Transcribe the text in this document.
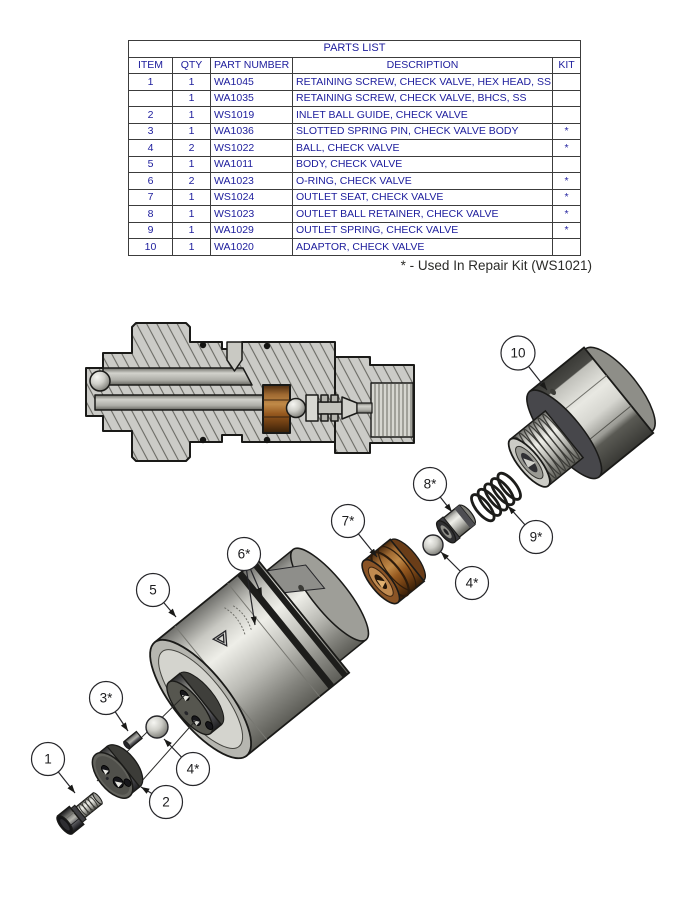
PARTS LIST				
ITEM	QTY	PART NUMBER	DESCRIPTION	KIT
1	1	WA1045	RETAINING SCREW, CHECK VALVE, HEX HEAD, SS	
	1	WA1035	RETAINING SCREW, CHECK VALVE, BHCS, SS	
2	1	WS1019	INLET BALL GUIDE, CHECK VALVE	
3	1	WA1036	SLOTTED SPRING PIN, CHECK VALVE BODY	*
4	2	WS1022	BALL, CHECK VALVE	*
5	1	WA1011	BODY, CHECK VALVE	
6	2	WA1023	O-RING, CHECK VALVE	*
7	1	WS1024	OUTLET SEAT, CHECK VALVE	*
8	1	WS1023	OUTLET BALL RETAINER, CHECK VALVE	*
9	1	WA1029	OUTLET SPRING, CHECK VALVE	*
10	1	WA1020	ADAPTOR, CHECK VALVE	
* - Used In Repair Kit (WS1021)
10
8*
9*
7*
4*
6*
5
3*
1
4*
2
